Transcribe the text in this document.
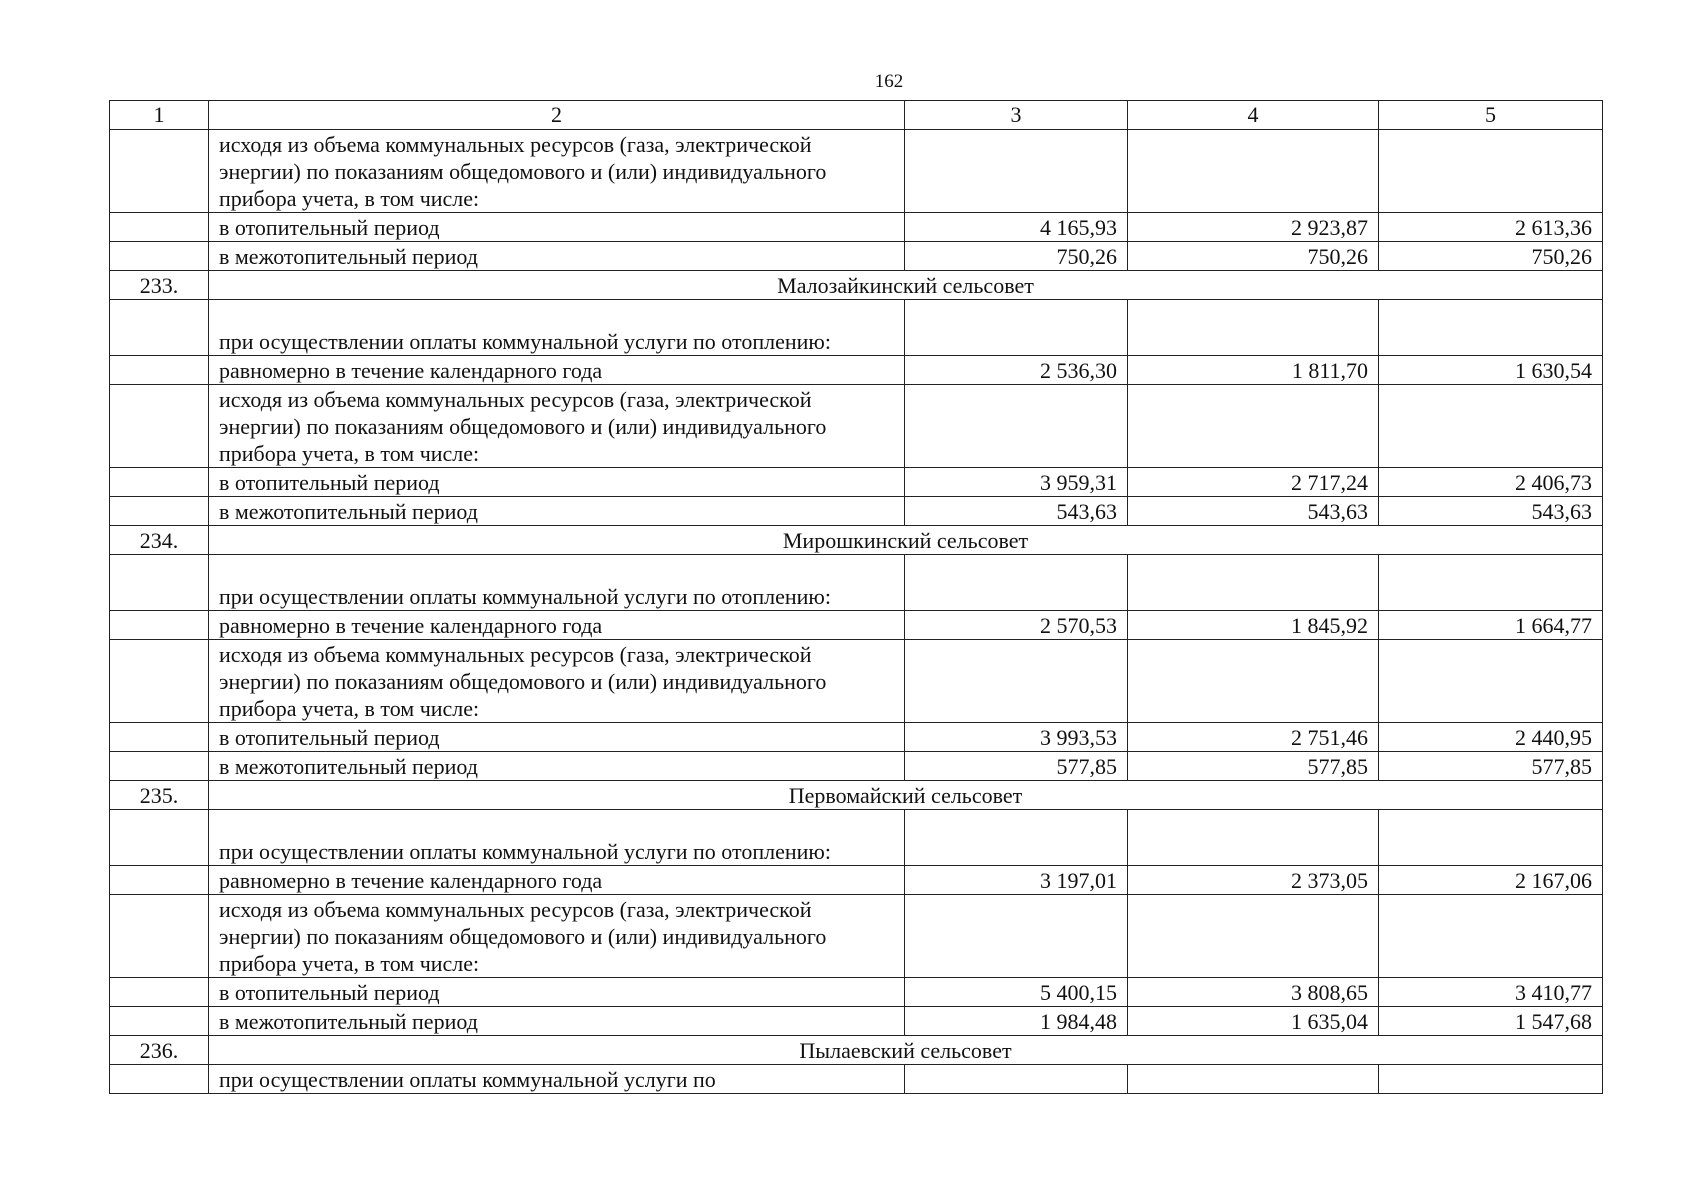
162
1	2	3	4	5
	исходя из объема коммунальных ресурсов (газа, электрической энергии) по показаниям общедомового и (или) индивидуального прибора учета, в том числе:			
	в отопительный период	4 165,93	2 923,87	2 613,36
	в межотопительный период	750,26	750,26	750,26
233.	Малозайкинский сельсовет			
	при осуществлении оплаты коммунальной услуги по отоплению:			
	равномерно в течение календарного года	2 536,30	1 811,70	1 630,54
	исходя из объема коммунальных ресурсов (газа, электрической энергии) по показаниям общедомового и (или) индивидуального прибора учета, в том числе:			
	в отопительный период	3 959,31	2 717,24	2 406,73
	в межотопительный период	543,63	543,63	543,63
234.	Мирошкинский сельсовет			
	при осуществлении оплаты коммунальной услуги по отоплению:			
	равномерно в течение календарного года	2 570,53	1 845,92	1 664,77
	исходя из объема коммунальных ресурсов (газа, электрической энергии) по показаниям общедомового и (или) индивидуального прибора учета, в том числе:			
	в отопительный период	3 993,53	2 751,46	2 440,95
	в межотопительный период	577,85	577,85	577,85
235.	Первомайский сельсовет			
	при осуществлении оплаты коммунальной услуги по отоплению:			
	равномерно в течение календарного года	3 197,01	2 373,05	2 167,06
	исходя из объема коммунальных ресурсов (газа, электрической энергии) по показаниям общедомового и (или) индивидуального прибора учета, в том числе:			
	в отопительный период	5 400,15	3 808,65	3 410,77
	в межотопительный период	1 984,48	1 635,04	1 547,68
236.	Пылаевский сельсовет			
	при осуществлении оплаты коммунальной услуги по			
